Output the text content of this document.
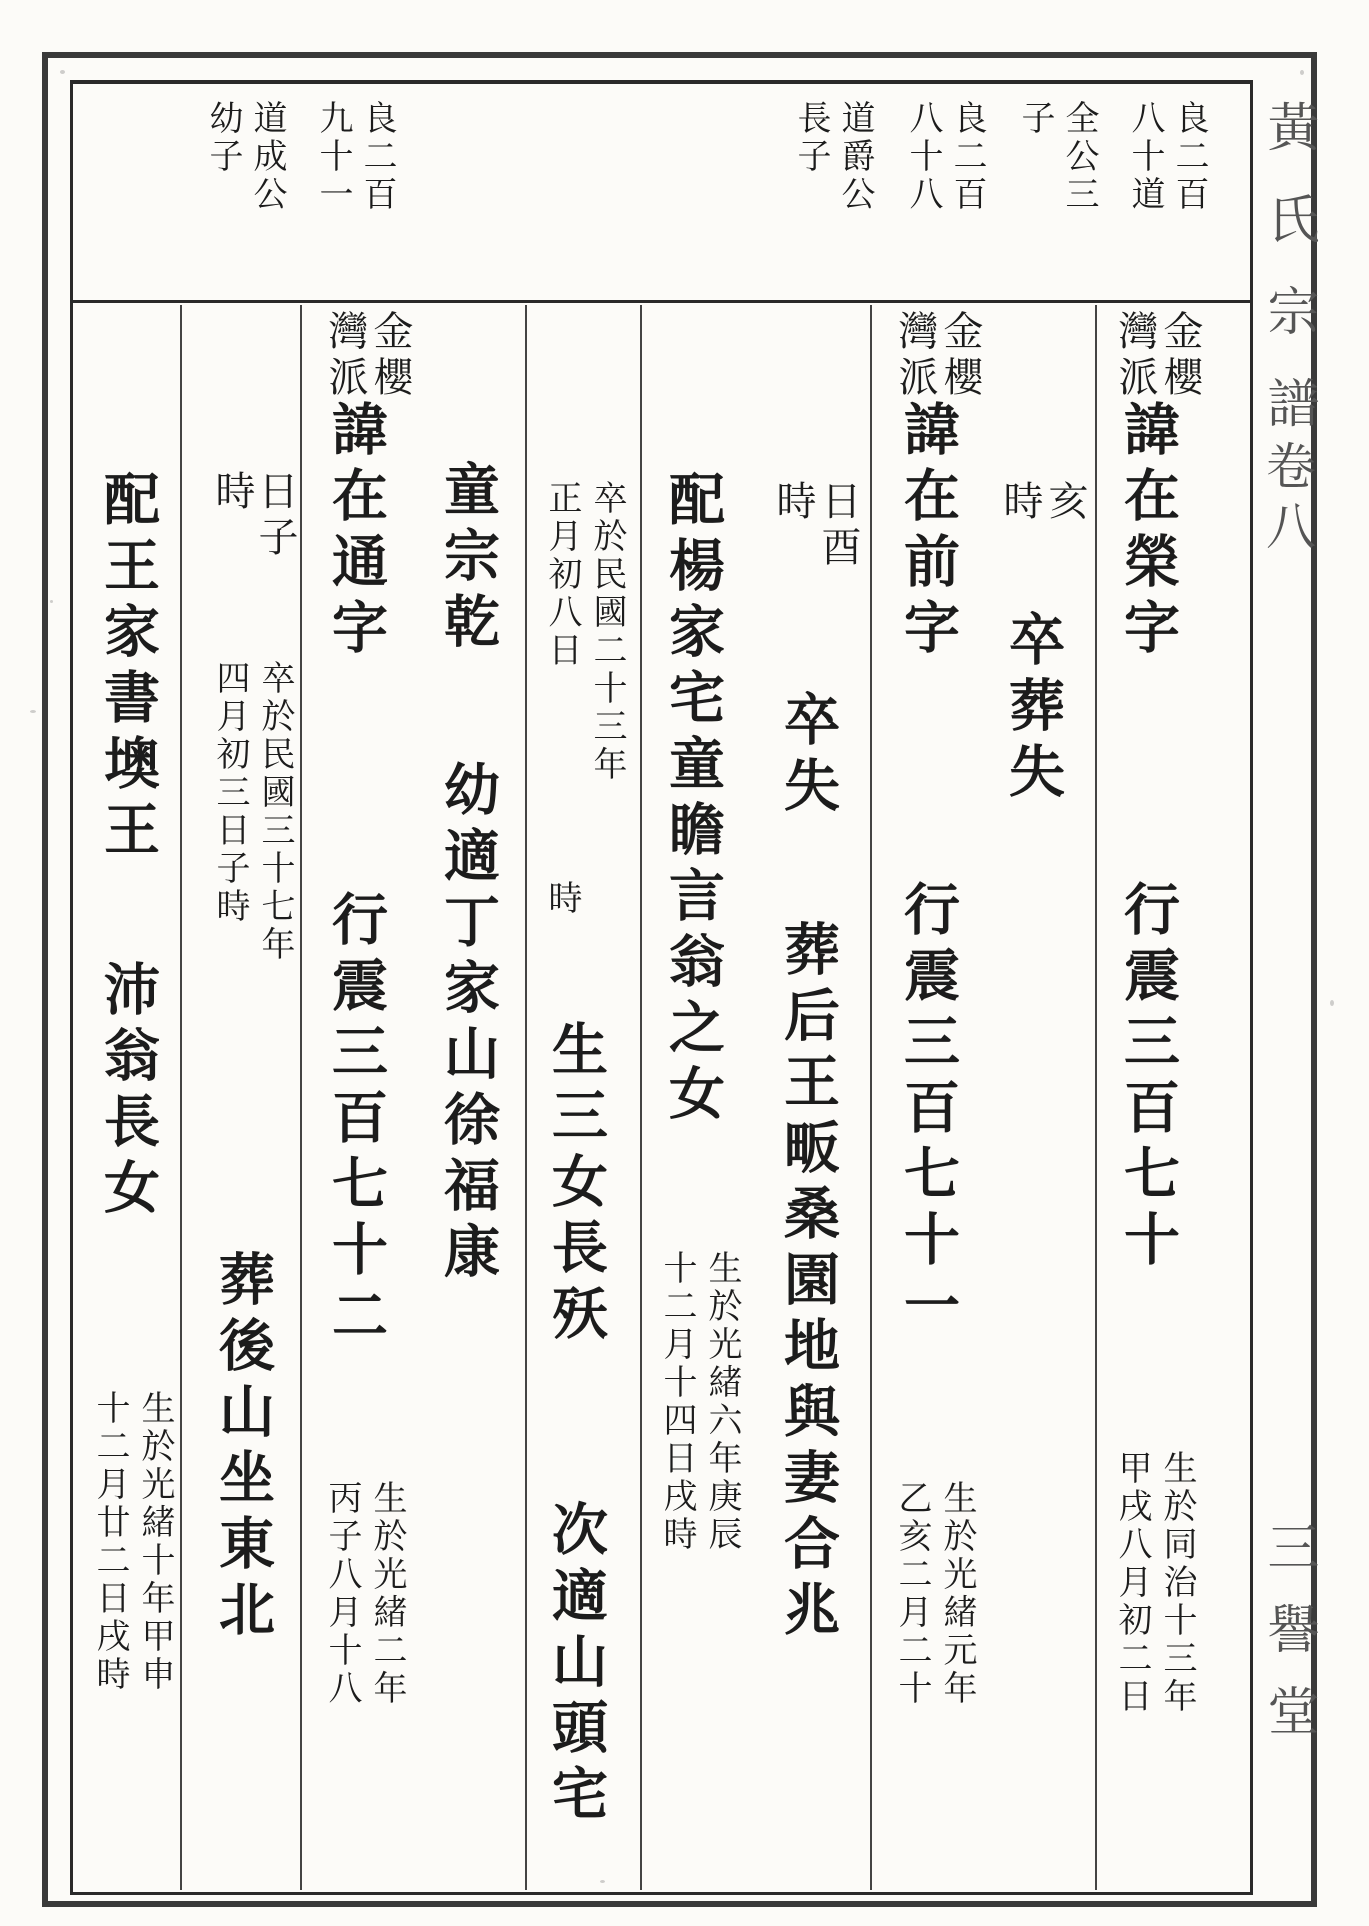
黃氏宗譜
卷八
三譽堂
良二百
八十道
全公三
子
良二百
八十八
道爵公
長子
良二百
九十一
道成公
幼子
金櫻
灣派
諱在榮字
行震三百七十
生於同治十三年
甲戌八月初二日
亥
時
卒葬失
金櫻
灣派
諱在前字
行震三百七十一
生於光緒元年
乙亥二月二十
日酉
時
卒失
葬后王畈桑園地與妻合兆
配楊家宅童瞻言翁之女
生於光緒六年庚辰
十二月十四日戌時
卒於民國二十三年
正月初八日
時
生三女長殀
次適山頭宅
童宗乾
幼適丁家山徐福康
金櫻
灣派
諱在通字
行震三百七十二
生於光緒二年
丙子八月十八
日子
時
卒於民國三十七年
四月初三日子時
葬後山坐東北
配王家書墺王
沛翁長女
生於光緒十年甲申
十二月廿二日戌時
